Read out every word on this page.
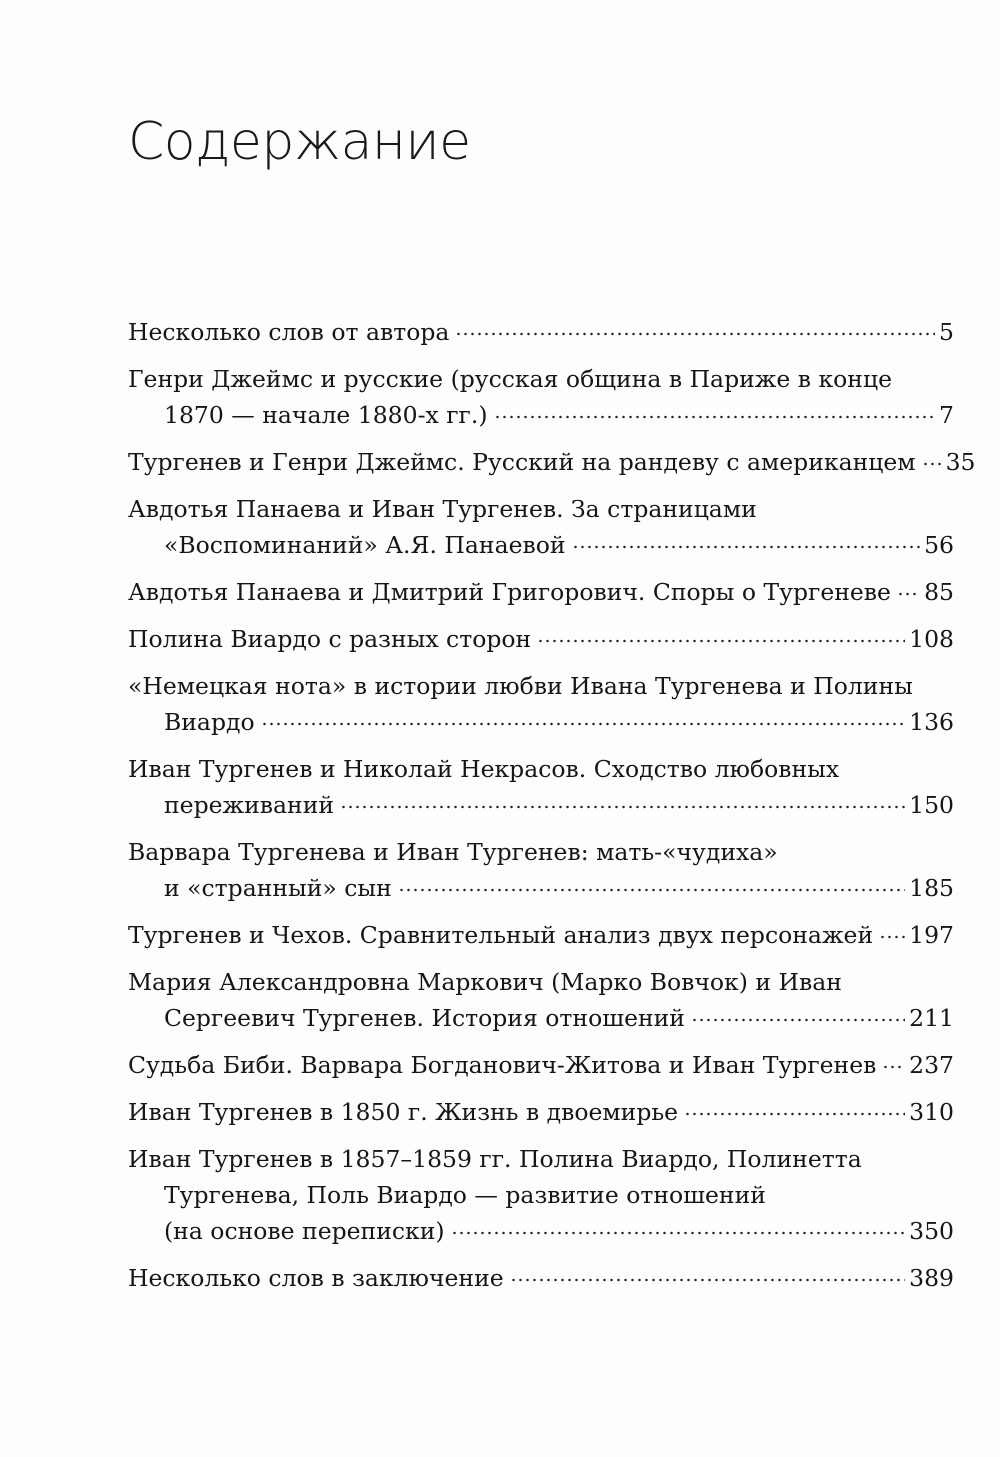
Содержание
Несколько слов от автора	5
Генри Джеймс и русские (русская община в Париже в конце
1870 — начале 1880-х гг.)	7
Тургенев и Генри Джеймс. Русский на рандеву с американцем 35
Авдотья Панаева и Иван Тургенев. За страницами
«Воспоминаний» А.Я. Панаевой	56
Авдотья Панаева и Дмитрий Григорович. Споры о Тургеневе 85
Полина Виардо с разных сторон	108
«Немецкая нота» в истории любви Ивана Тургенева и Полины
Виардо	136
Иван Тургенев и Николай Некрасов. Сходство любовных
переживаний	150
Варвара Тургенева и Иван Тургенев: мать-«чудиха»
и «странный» сын	185
Тургенев и Чехов. Сравнительный анализ двух персонажей 197
Мария Александровна Маркович (Марко Вовчок) и Иван
Сергеевич Тургенев. История отношений	211
Судьба Биби. Варвара Богданович-Житова и Иван Тургенев 237
Иван Тургенев в 1850 г. Жизнь в двоемирье	310
Иван Тургенев в 1857–1859 гг. Полина Виардо, Полинетта
Тургенева, Поль Виардо — развитие отношений
(на основе переписки)	350
Несколько слов в заключение	389
